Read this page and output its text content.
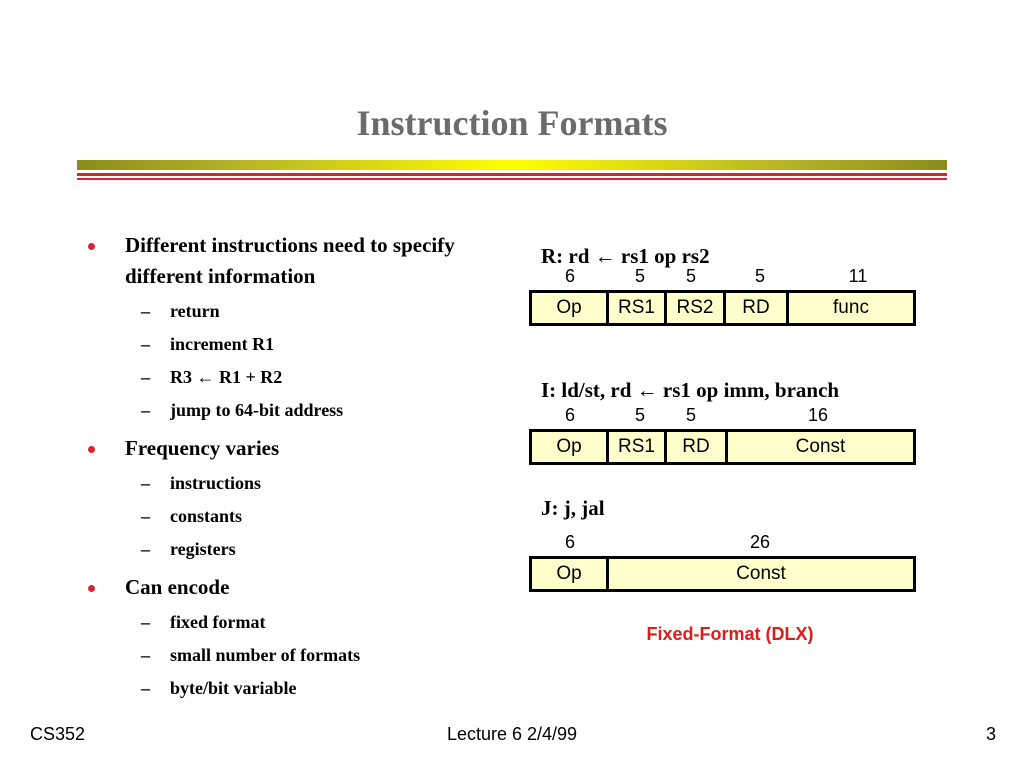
Instruction Formats
Different instructions need to specify different information
– return
– increment R1
– R3 ← R1 + R2
– jump to 64-bit address
Frequency varies
– instructions
– constants
– registers
Can encode
– fixed format
– small number of formats
– byte/bit variable
R: rd ← rs1 op rs2
6	5	5	5	11
Op	RS1	RS2	RD	func
I: ld/st, rd ← rs1 op imm, branch
6	5	5	16
Op	RS1	RD	Const
J: j, jal
6	26
Op	Const
Fixed-Format (DLX)
CS352	Lecture 6 2/4/99	3
